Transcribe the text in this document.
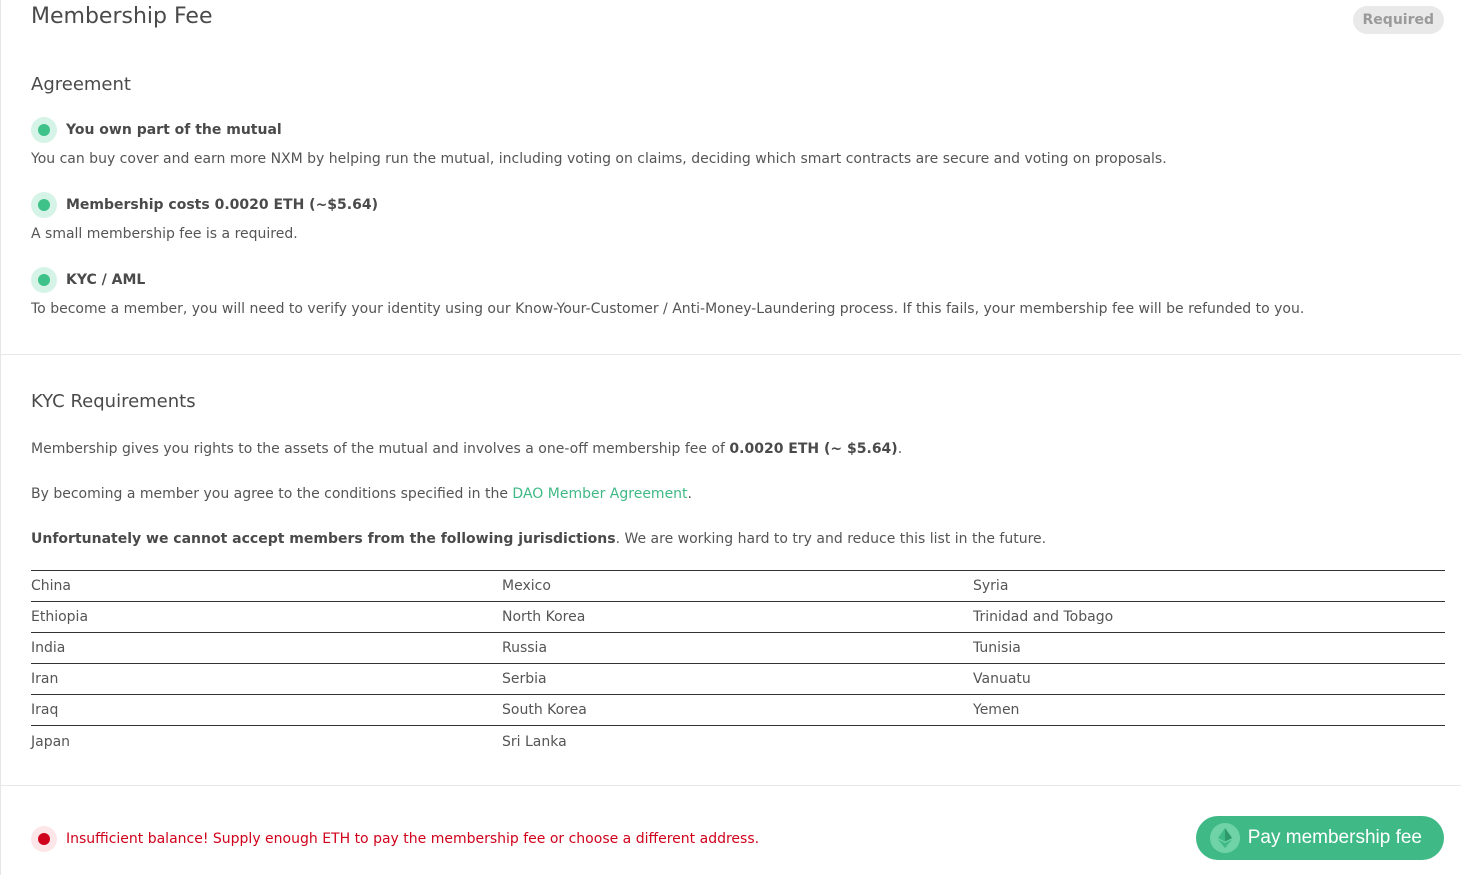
Membership Fee	Required
Agreement
You own part of the mutual
You can buy cover and earn more NXM by helping run the mutual, including voting on claims, deciding which smart contracts are secure and voting on proposals.
Membership costs 0.0020 ETH (~$5.64)
A small membership fee is a required.
KYC / AML
To become a member, you will need to verify your identity using our Know-Your-Customer / Anti-Money-Laundering process. If this fails, your membership fee will be refunded to you.
KYC Requirements
Membership gives you rights to the assets of the mutual and involves a one-off membership fee of 0.0020 ETH (~ $5.64).
By becoming a member you agree to the conditions specified in the DAO Member Agreement.
Unfortunately we cannot accept members from the following jurisdictions. We are working hard to try and reduce this list in the future.
China	Mexico	Syria
Ethiopia	North Korea	Trinidad and Tobago
India	Russia	Tunisia
Iran	Serbia	Vanuatu
Iraq	South Korea	Yemen
Japan	Sri Lanka
Insufficient balance! Supply enough ETH to pay the membership fee or choose a different address.	Pay membership fee
